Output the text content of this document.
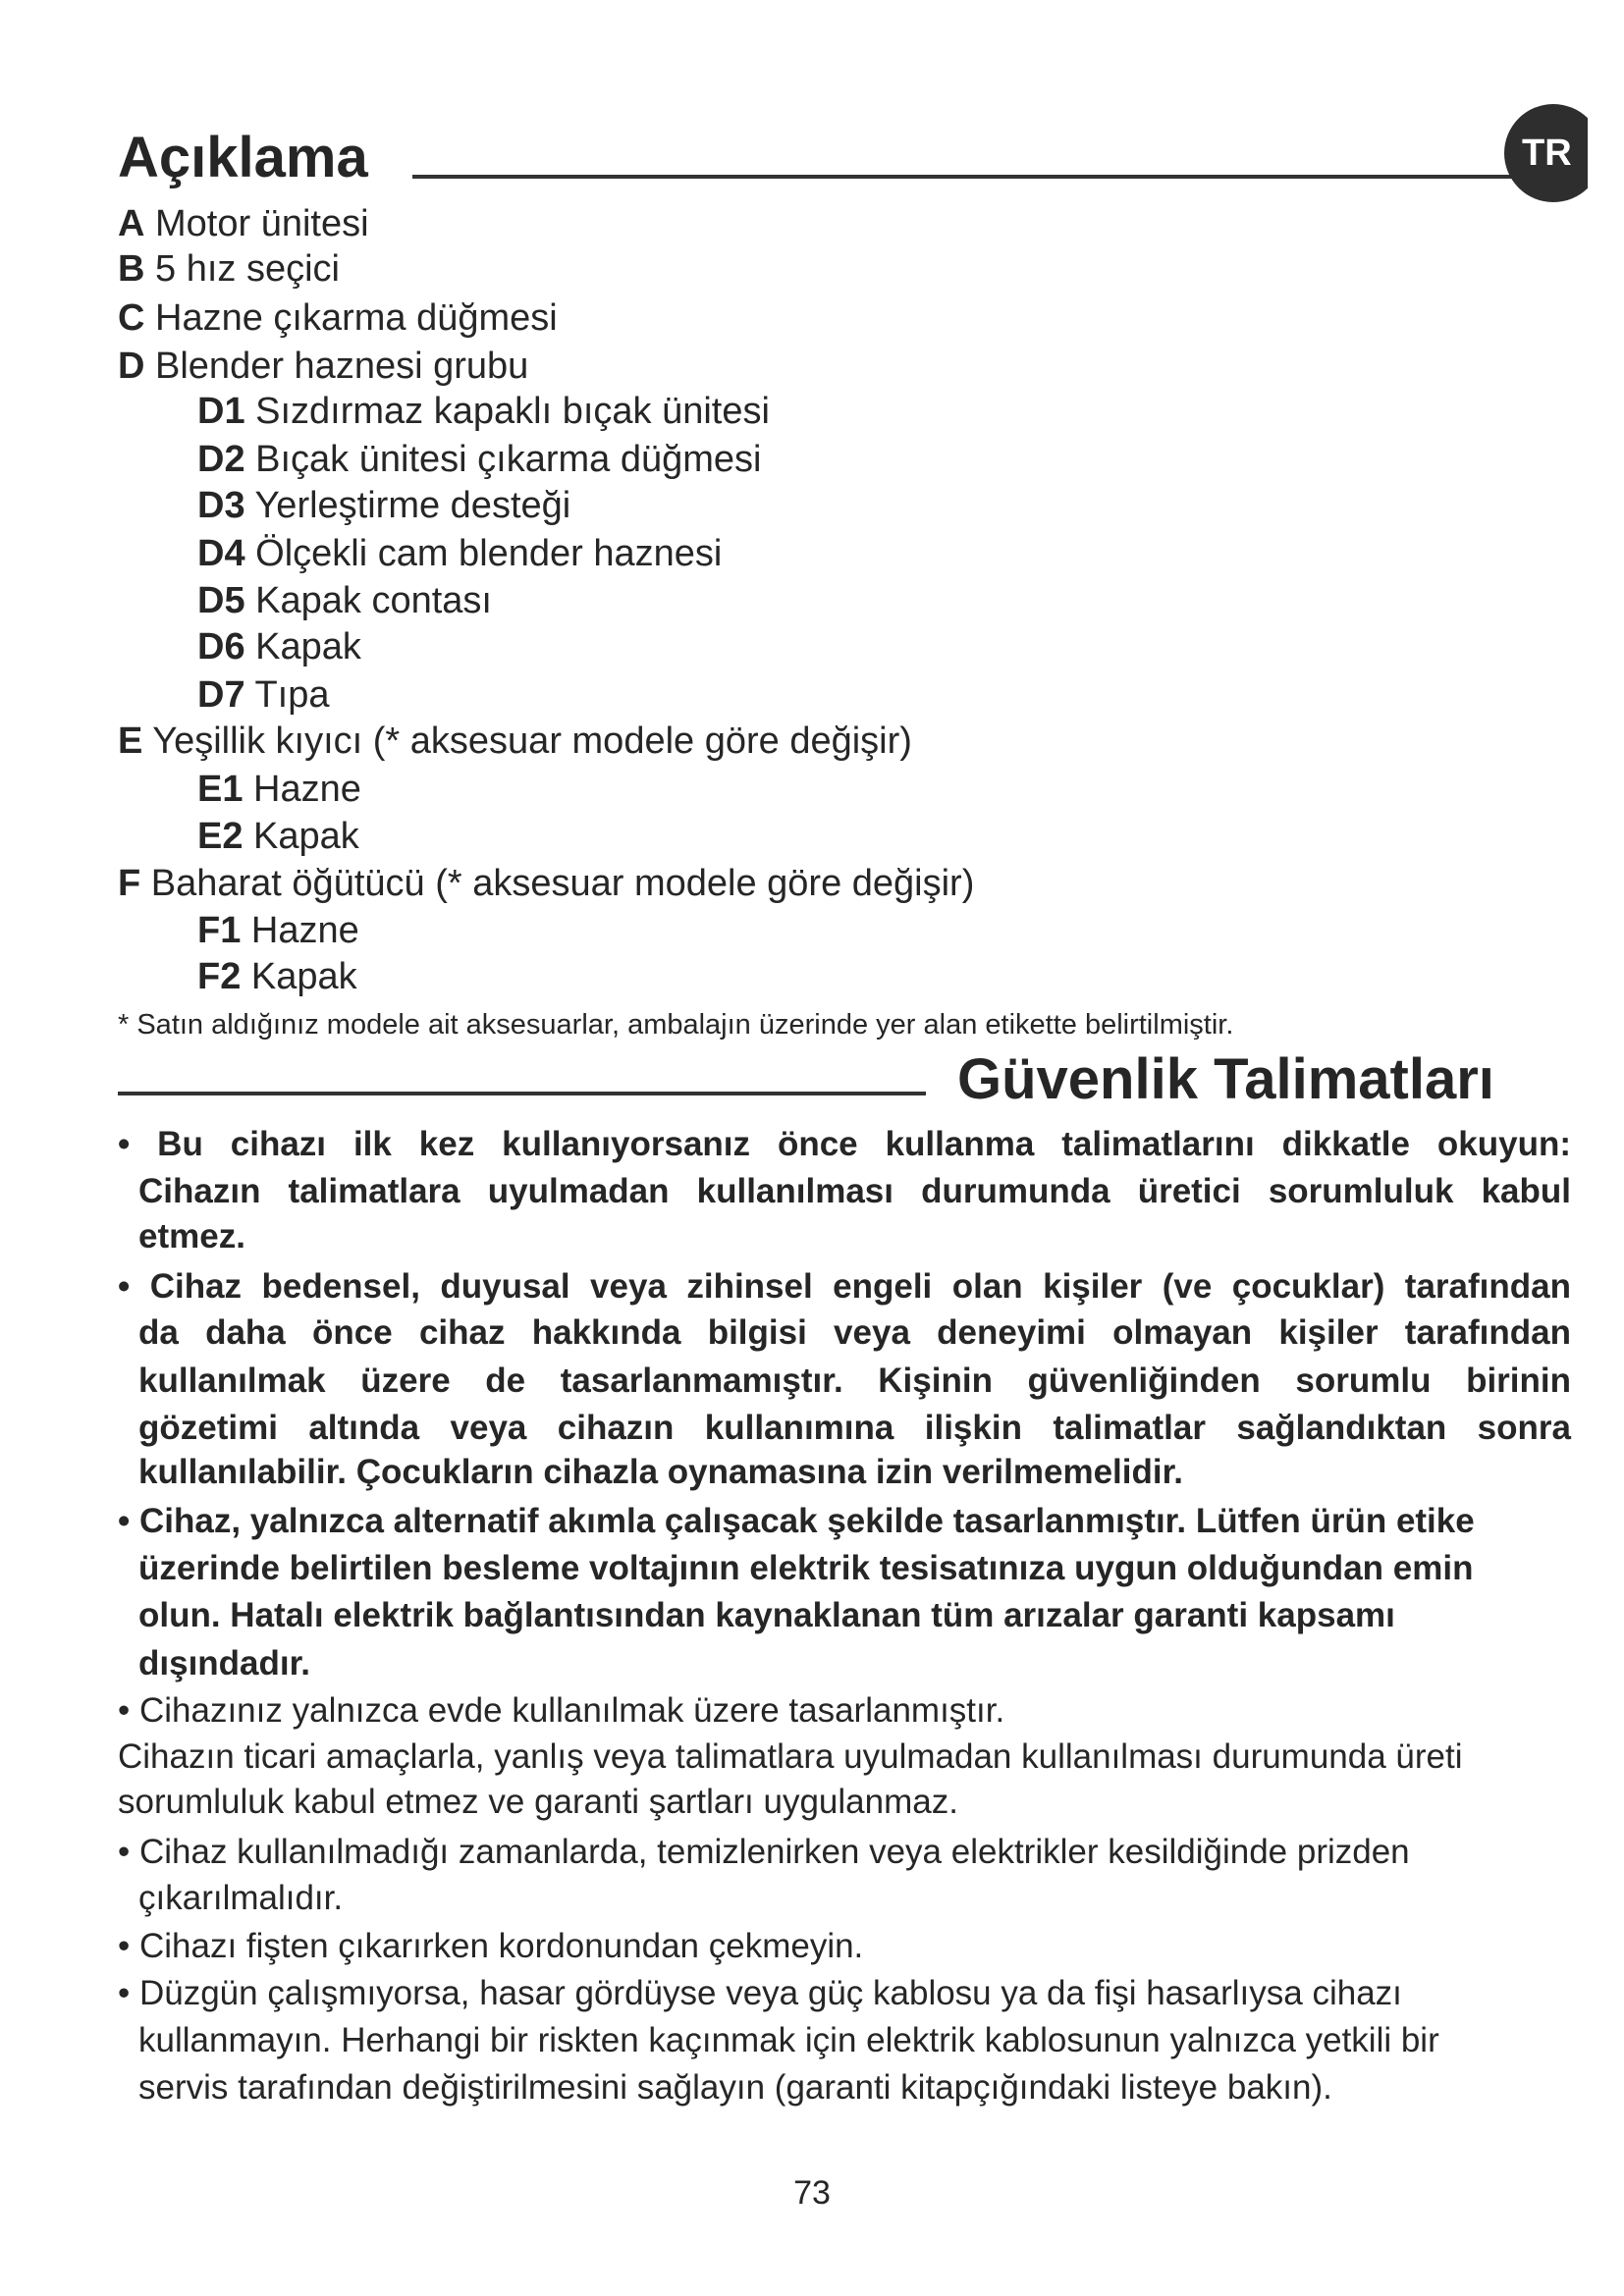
Açıklama	TR
A Motor ünitesi
B 5 hız seçici
C Hazne çıkarma düğmesi
D Blender haznesi grubu
D1 Sızdırmaz kapaklı bıçak ünitesi
D2 Bıçak ünitesi çıkarma düğmesi
D3 Yerleştirme desteği
D4 Ölçekli cam blender haznesi
D5 Kapak contası
D6 Kapak
D7 Tıpa
E Yeşillik kıyıcı (* aksesuar modele göre değişir)
E1 Hazne
E2 Kapak
F Baharat öğütücü (* aksesuar modele göre değişir)
F1 Hazne
F2 Kapak
* Satın aldığınız modele ait aksesuarlar, ambalajın üzerinde yer alan etikette belirtilmiştir.
Güvenlik Talimatları
• Bu cihazı ilk kez kullanıyorsanız önce kullanma talimatlarını dikkatle okuyun:
Cihazın talimatlara uyulmadan kullanılması durumunda üretici sorumluluk kabul
etmez.
• Cihaz bedensel, duyusal veya zihinsel engeli olan kişiler (ve çocuklar) tarafından
da daha önce cihaz hakkında bilgisi veya deneyimi olmayan kişiler tarafından
kullanılmak üzere de tasarlanmamıştır. Kişinin güvenliğinden sorumlu birinin
gözetimi altında veya cihazın kullanımına ilişkin talimatlar sağlandıktan sonra
kullanılabilir. Çocukların cihazla oynamasına izin verilmemelidir.
• Cihaz, yalnızca alternatif akımla çalışacak şekilde tasarlanmıştır. Lütfen ürün etike
üzerinde belirtilen besleme voltajının elektrik tesisatınıza uygun olduğundan emin
olun. Hatalı elektrik bağlantısından kaynaklanan tüm arızalar garanti kapsamı
dışındadır.
• Cihazınız yalnızca evde kullanılmak üzere tasarlanmıştır.
Cihazın ticari amaçlarla, yanlış veya talimatlara uyulmadan kullanılması durumunda üreti
sorumluluk kabul etmez ve garanti şartları uygulanmaz.
• Cihaz kullanılmadığı zamanlarda, temizlenirken veya elektrikler kesildiğinde prizden
çıkarılmalıdır.
• Cihazı fişten çıkarırken kordonundan çekmeyin.
• Düzgün çalışmıyorsa, hasar gördüyse veya güç kablosu ya da fişi hasarlıysa cihazı
kullanmayın. Herhangi bir riskten kaçınmak için elektrik kablosunun yalnızca yetkili bir
servis tarafından değiştirilmesini sağlayın (garanti kitapçığındaki listeye bakın).
73
